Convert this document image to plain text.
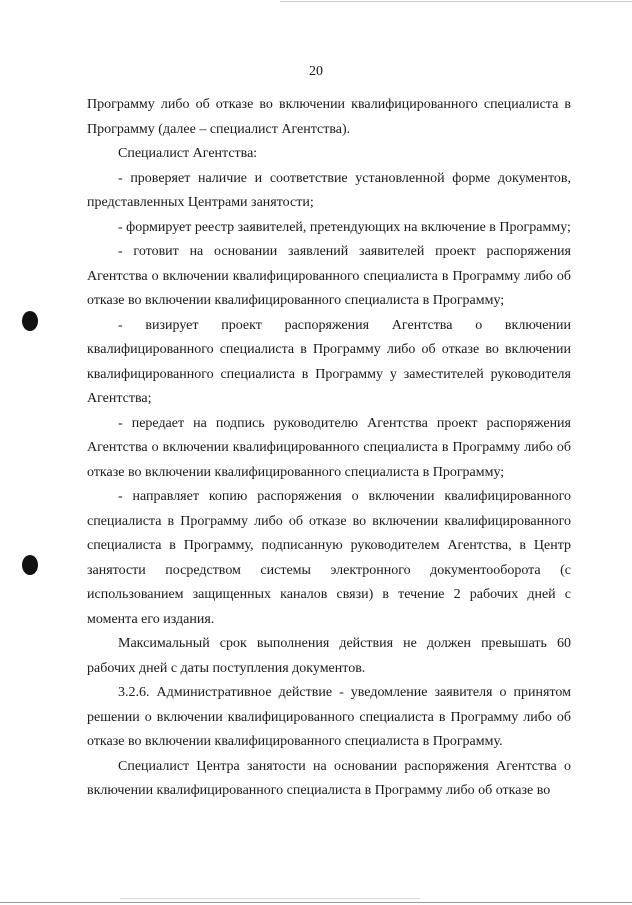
20

Программу либо об отказе во включении квалифицированного специалиста в Программу (далее – специалист Агентства).

Специалист Агентства:

- проверяет наличие и соответствие установленной форме документов, представленных Центрами занятости;

- формирует реестр заявителей, претендующих на включение в Программу;

- готовит на основании заявлений заявителей проект распоряжения Агентства о включении квалифицированного специалиста в Программу либо об отказе во включении квалифицированного специалиста в Программу;

- визирует проект распоряжения Агентства о включении квалифицированного специалиста в Программу либо об отказе во включении квалифицированного специалиста в Программу у заместителей руководителя Агентства;

- передает на подпись руководителю Агентства проект распоряжения Агентства о включении квалифицированного специалиста в Программу либо об отказе во включении квалифицированного специалиста в Программу;

- направляет копию распоряжения о включении квалифицированного специалиста в Программу либо об отказе во включении квалифицированного специалиста в Программу, подписанную руководителем Агентства, в Центр занятости посредством системы электронного документооборота (с использованием защищенных каналов связи) в течение 2 рабочих дней с момента его издания.

Максимальный срок выполнения действия не должен превышать 60 рабочих дней с даты поступления документов.

3.2.6. Административное действие - уведомление заявителя о принятом решении о включении квалифицированного специалиста в Программу либо об отказе во включении квалифицированного специалиста в Программу.

Специалист Центра занятости на основании распоряжения Агентства о включении квалифицированного специалиста в Программу либо об отказе во
